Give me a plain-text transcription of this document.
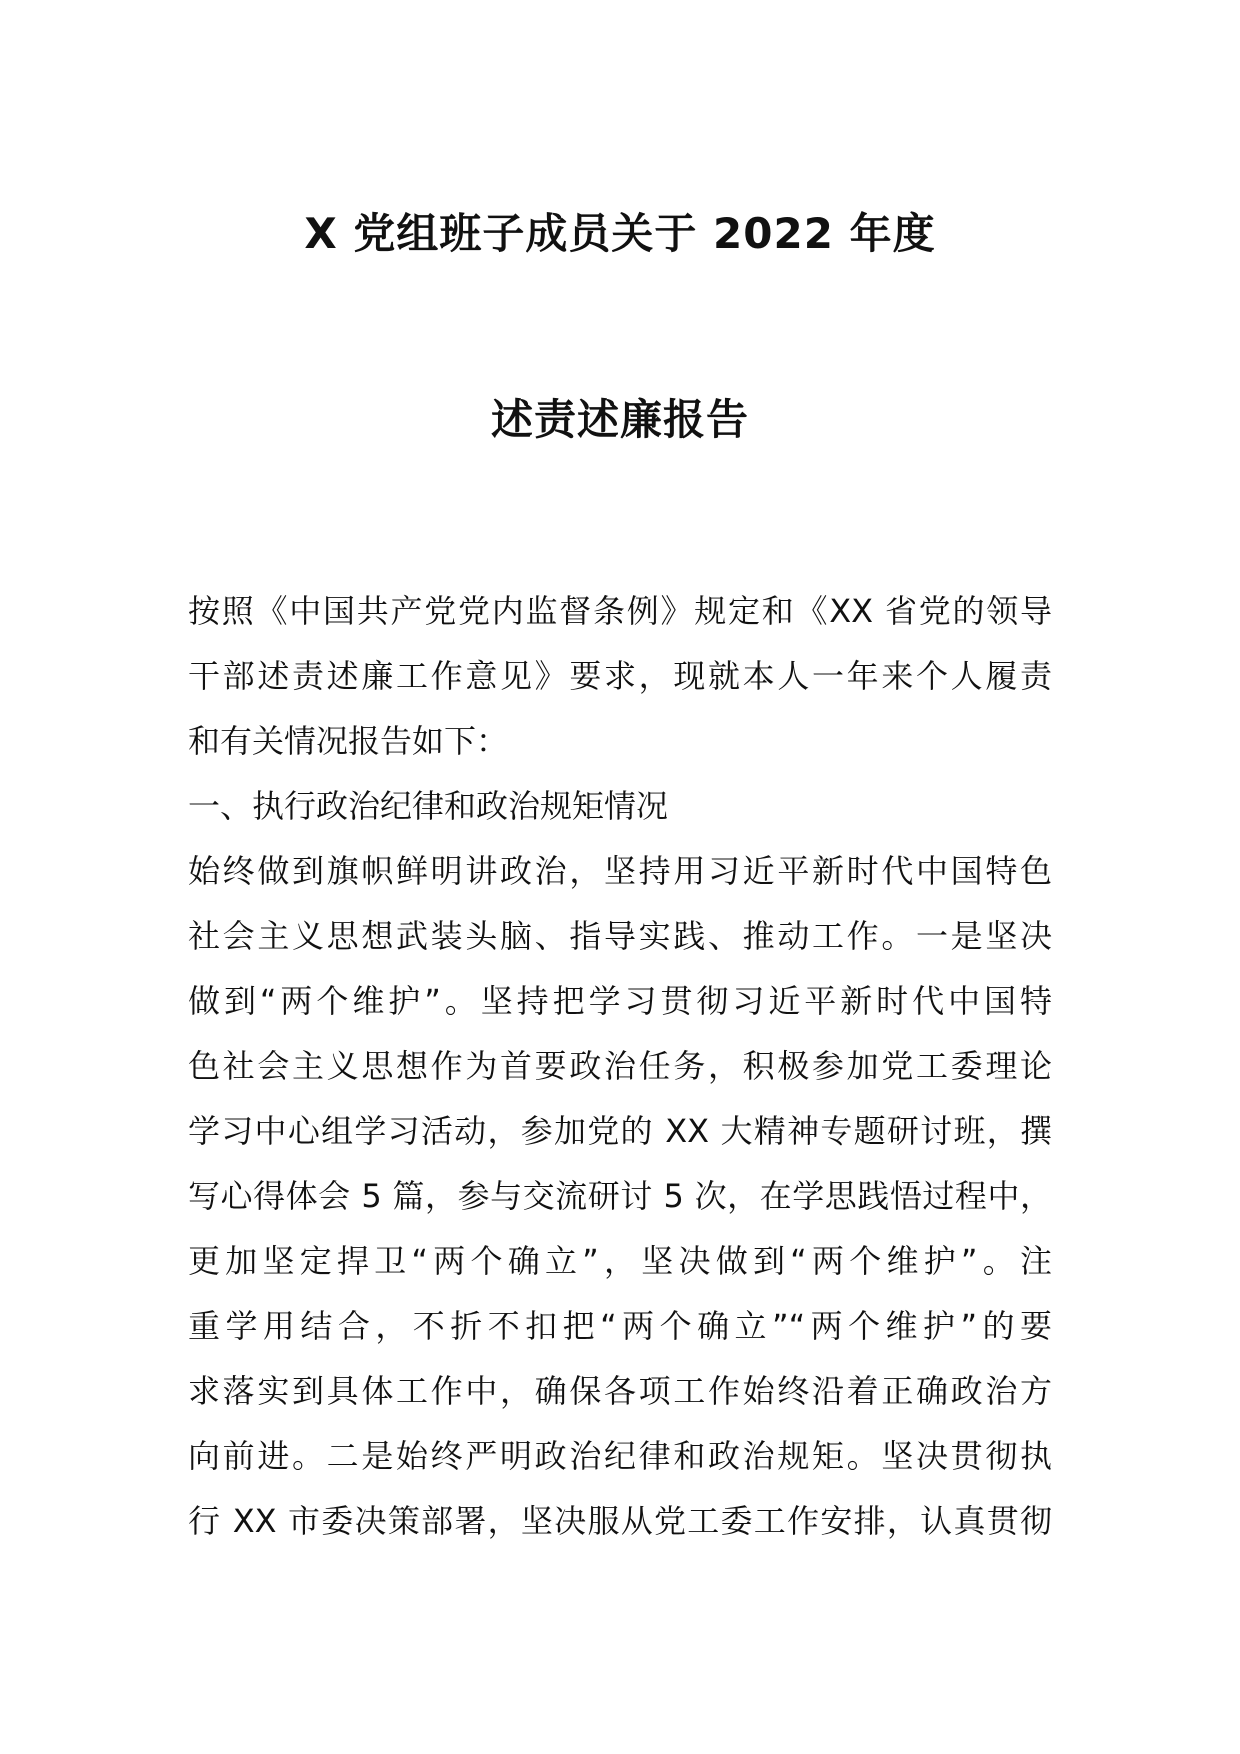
X 党组班子成员关于 2022 年度
述责述廉报告
按照《中国共产党党内监督条例》规定和《XX 省党的领导
干部述责述廉工作意见》要求，现就本人一年来个人履责
和有关情况报告如下：
一、执行政治纪律和政治规矩情况
始终做到旗帜鲜明讲政治，坚持用习近平新时代中国特色
社会主义思想武装头脑、指导实践、推动工作。一是坚决
做到“两个维护”。坚持把学习贯彻习近平新时代中国特
色社会主义思想作为首要政治任务，积极参加党工委理论
学习中心组学习活动，参加党的 XX 大精神专题研讨班，撰
写心得体会 5 篇，参与交流研讨 5 次，在学思践悟过程中，
更加坚定捍卫“两个确立”，坚决做到“两个维护”。注
重学用结合，不折不扣把“两个确立”“两个维护”的要
求落实到具体工作中，确保各项工作始终沿着正确政治方
向前进。二是始终严明政治纪律和政治规矩。坚决贯彻执
行 XX 市委决策部署，坚决服从党工委工作安排，认真贯彻
